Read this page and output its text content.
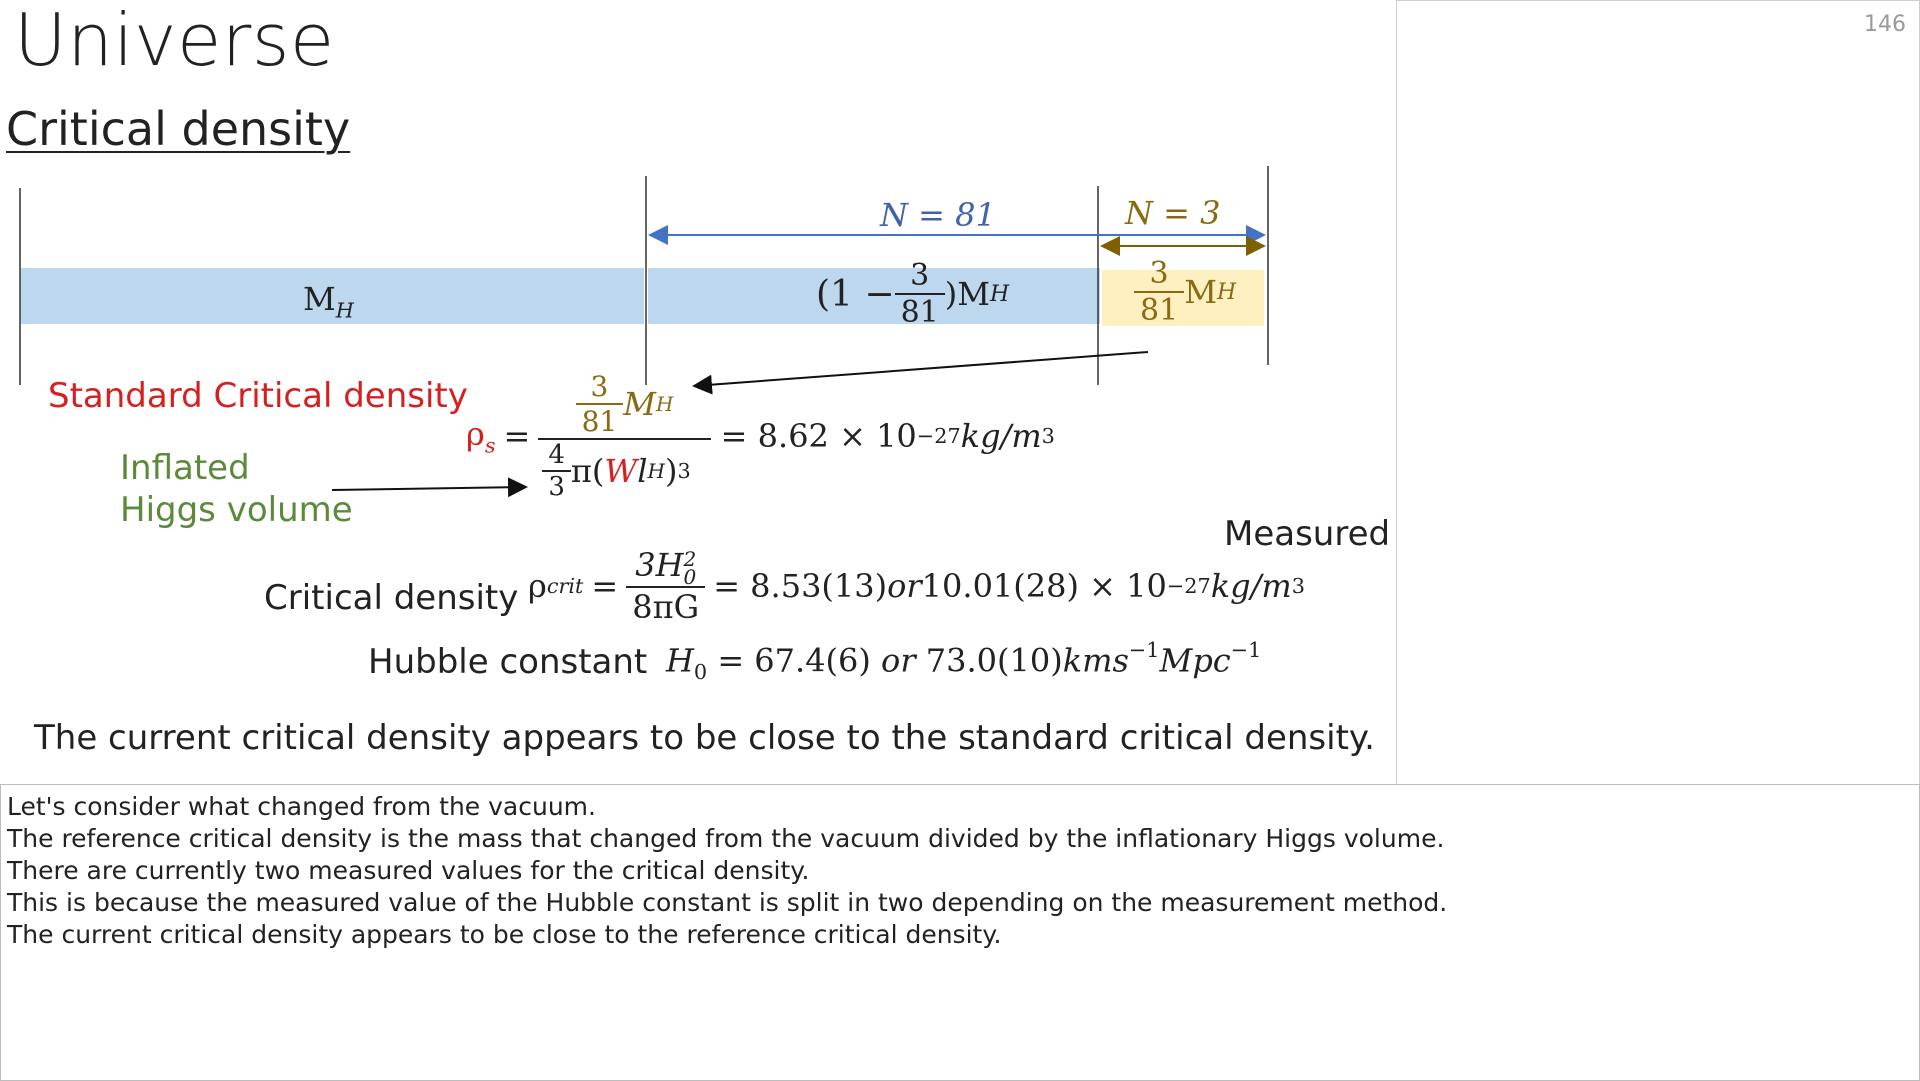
Universe
Critical density
N = 81	N = 3
$M_H$	$(1 - \frac{3}{81} )M$ H	$\frac{3}{81}$ M H
Standard Critical density
Inflated
Higgs volume
$\rho_s = \frac{\frac{3}{81} M H}{\frac{4}{3} \pi( W l H ) 3} = 8.62 \times 10 -27$ kg/m 3
Measured
Critical density ρ crit = 3H 2
0
8πG = 8.53(13) or 10.01(28) × 10 −27 kg/m 3
Hubble constant $H_0 = 67.4(6)$ or 73.0(10)kms$^{-1}$Mpc$^{-1}$
The current critical density appears to be close to the standard critical density.
146
Let's consider what changed from the vacuum.
The reference critical density is the mass that changed from the vacuum divided by the inflationary Higgs volume.
There are currently two measured values for the critical density.
This is because the measured value of the Hubble constant is split in two depending on the measurement method.
The current critical density appears to be close to the reference critical density.
